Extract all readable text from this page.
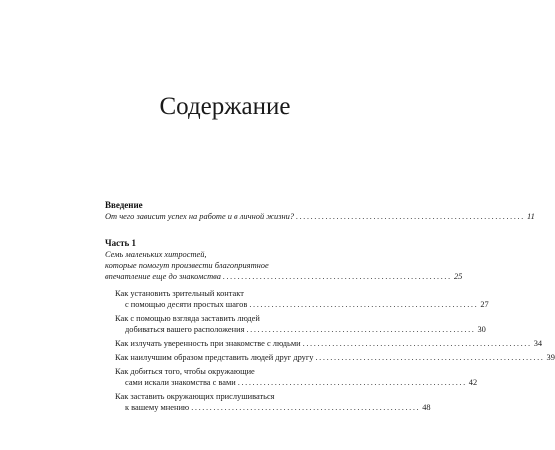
Содержание
Введение
От чего зависит успех на работе и в личной жизни? .............................................................. 11
Часть 1
Семь маленьких хитростей,
которые помогут произвести благоприятное
впечатление еще до знакомства .............................................................. 25
Как установить зрительный контакт
с помощью десяти простых шагов .............................................................. 27
Как с помощью взгляда заставить людей
добиваться вашего расположения .............................................................. 30
Как излучать уверенность при знакомстве с людьми .............................................................. 34
Как наилучшим образом представить людей друг другу .............................................................. 39
Как добиться того, чтобы окружающие
сами искали знакомства с вами .............................................................. 42
Как заставить окружающих прислушиваться
к вашему мнению .............................................................. 48
